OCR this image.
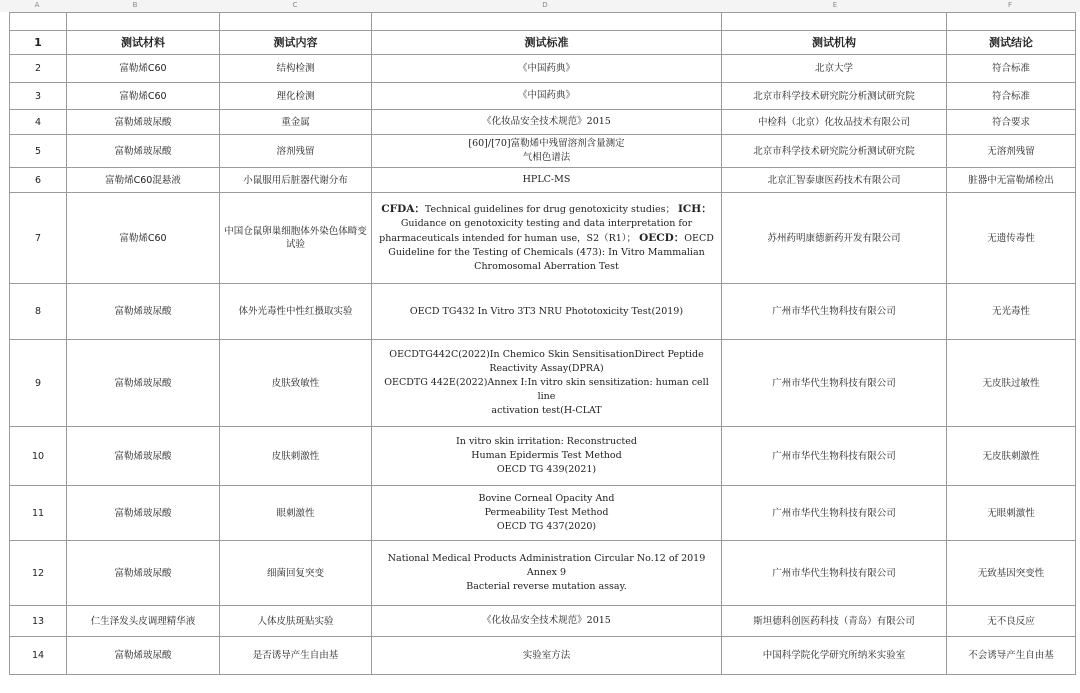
A	B	C	D	E	F

1	测试材料	测试内容	测试标准	测试机构	测试结论
2	富勒烯C60	结构检测	《中国药典》	北京大学	符合标准
3	富勒烯C60	理化检测	《中国药典》	北京市科学技术研究院分析测试研究院	符合标准
4	富勒烯玻尿酸	重金属	《化妆品安全技术规范》2015	中检科（北京）化妆品技术有限公司	符合要求
5	富勒烯玻尿酸	溶剂残留	[60]/[70]富勒烯中残留溶剂含量测定
气相色谱法	北京市科学技术研究院分析测试研究院	无溶剂残留
6	富勒烯C60混悬液	小鼠服用后脏器代谢分布	HPLC-MS	北京汇智泰康医药技术有限公司	脏器中无富勒烯检出
7	富勒烯C60	中国仓鼠卵巢细胞体外染色体畸变试验	CFDA：Technical guidelines for drug genotoxicity studies； ICH：Guidance on genotoxicity testing and data interpretation for pharmaceuticals intended for human use，S2（R1）； OECD：OECD Guideline for the Testing of Chemicals (473): In Vitro Mammalian Chromosomal Aberration Test	苏州药明康德新药开发有限公司	无遗传毒性
8	富勒烯玻尿酸	体外光毒性中性红摄取实验	OECD TG432 In Vitro 3T3 NRU Phototoxicity Test(2019)	广州市华代生物科技有限公司	无光毒性
9	富勒烯玻尿酸	皮肤致敏性	OECDTG442C(2022)In Chemico Skin SensitisationDirect Peptide
Reactivity Assay(DPRA)
OECDTG 442E(2022)Annex I:In vitro skin sensitization: human cell line
activation test(H-CLAT	广州市华代生物科技有限公司	无皮肤过敏性
10	富勒烯玻尿酸	皮肤刺激性	In vitro skin irritation: Reconstructed
Human Epidermis Test Method
OECD TG 439(2021)	广州市华代生物科技有限公司	无皮肤刺激性
11	富勒烯玻尿酸	眼刺激性	Bovine Corneal Opacity And
Permeability Test Method
OECD TG 437(2020)	广州市华代生物科技有限公司	无眼刺激性
12	富勒烯玻尿酸	细菌回复突变	National Medical Products Administration Circular No.12 of 2019 Annex 9
Bacterial reverse mutation assay.	广州市华代生物科技有限公司	无致基因突变性
13	仁生泽发头皮调理精华液	人体皮肤斑贴实验	《化妆品安全技术规范》2015	斯坦德科创医药科技（青岛）有限公司	无不良反应
14	富勒烯玻尿酸	是否诱导产生自由基	实验室方法	中国科学院化学研究所纳米实验室	不会诱导产生自由基
